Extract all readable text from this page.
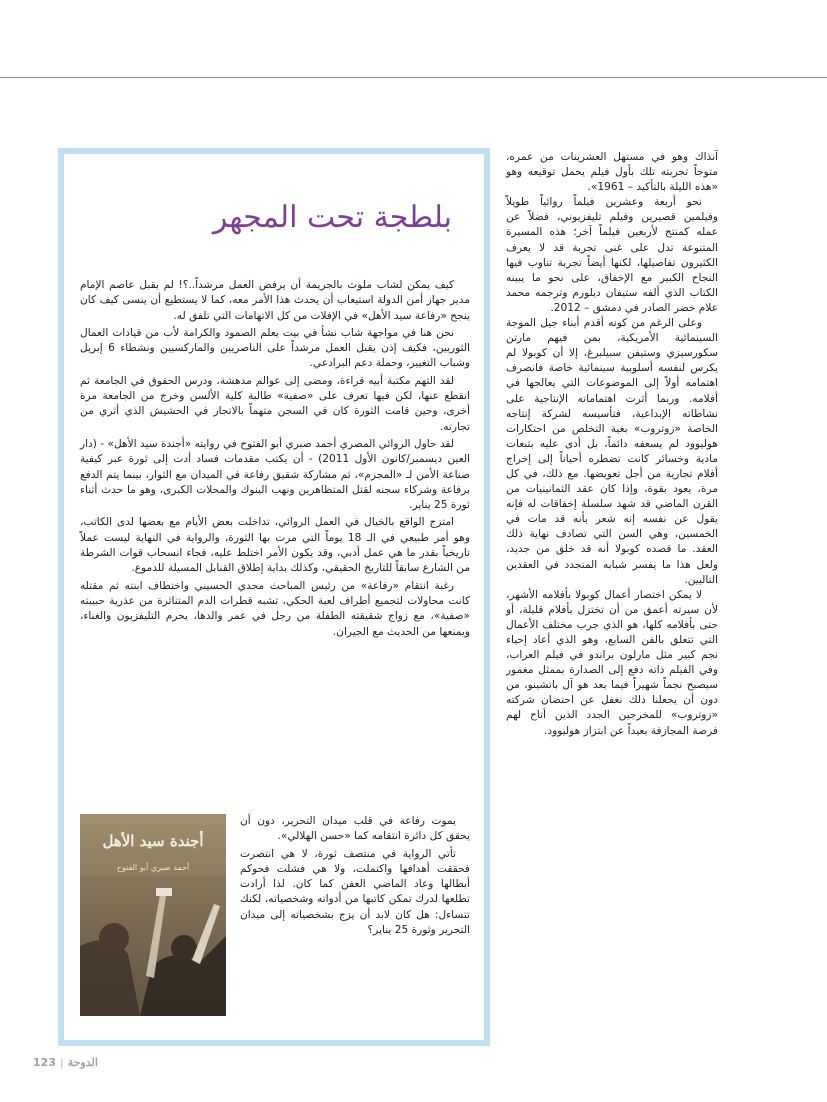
آنذاك وهو في مستهل العشرينات من عمره، متوجاً تجربته تلك بأول فيلم يحمل توقيعه وهو «هذه الليلة بالتأكيد – 1961».

نحو أربعة وعشرين فيلماً روائياً طويلاً وفيلمين قصيرين وفيلم تليفزيوني، فضلاً عن عمله كمنتج لأربعين فيلماً آخر؛ هذه المسيرة المتنوعة تدل على غنى تجربة قد لا يعرف الكثيرون تفاصيلها، لكنها أيضاً تجربة تناوب فيها النجاح الكبير مع الإخفاق، على نحو ما يبينه الكتاب الذي ألفه ستيفان ديلورم وترجمه محمد علام خضر الصادر في دمشق – 2012.

وعلى الرغم من كونه أقدم أبناء جيل الموجة السينمائية الأمريكية، بمن فيهم مارتن سكورسيزي وستيفن سبيلبرغ، إلا أن كوبولا لم يكرس لنفسه أسلوبية سينمائية خاصة فانصرف اهتمامه أولاً إلى الموضوعات التي يعالجها في أفلامه. وربما أثرت اهتماماته الإنتاجية على نشاطاته الإبداعية، فتأسيسه لشركة إنتاجه الخاصة «زوتروب» بغية التخلص من احتكارات هوليوود لم يسعفه دائماً، بل أدى عليه بتبعات مادية وخسائر كانت تضطره أحياناً إلى إخراج أفلام تجارية من أجل تعويضها. مع ذلك، في كل مرة، يعود بقوة، وإذا كان عقد الثمانينيات من القرن الماضي قد شهد سلسلة إخفاقات له فإنه يقول عن نفسه إنه شعر بأنه قد مات في الخمسين، وهي السن التي تصادف نهاية ذلك العقد. ما قصده كوبولا أنه قد خلق من جديد، ولعل هذا ما يفسر شبابه المتجدد في العقدين التاليين.

لا يمكن اختصار أعمال كوبولا بأفلامه الأشهر، لأن سيرته أعمق من أن تختزل بأفلام قليلة، أو حتى بأفلامه كلها، هو الذي جرب مختلف الأعمال التي تتعلق بالفن السابع، وهو الذي أعاد إحياء نجم كبير مثل مارلون براندو في فيلم العراب، وفي الفيلم ذاته دفع إلى الصدارة بممثل مغمور سيصبح نجماً شهيراً فيما بعد هو آل باتشينو، من دون أن يجعلنا ذلك نغفل عن احتضان شركته «زوتروب» للمخرجين الجدد الذين أتاح لهم فرصة المجازفة بعيداً عن ابتزاز هوليوود.

بلطجة تحت المجهر

كيف يمكن لشاب ملوث بالجريمة أن يرفض العمل مرشداً..؟! لم يقبل عاصم الإمام مدير جهاز أمن الدولة استيعاب أن يحدث هذا الأمر معه، كما لا يستطيع أن ينسى كيف كان ينجح «رفاعة سيد الأهل» في الإفلات من كل الاتهامات التي تلفق له.

نحن هنا في مواجهة شاب نشأ في بيت يعلم الصمود والكرامة لأب من قيادات العمال الثوريين، فكيف إذن يقبل العمل مرشداً على الناصريين والماركسيين ونشطاء 6 إبريل وشباب التغيير، وحملة دعم البرادعي.

لقد التهم مكتبة أبيه قراءة، ومضى إلى عوالم مدهشة، ودرس الحقوق في الجامعة ثم انقطع عنها، لكن فيها تعرف على «صفية» طالبة كلية الألسن وخرج من الجامعة مرة أخرى، وحين قامت الثورة كان في السجن متهماً بالاتجار في الحشيش الذي أثري من تجارته.

لقد حاول الروائي المصري أحمد صبري أبو الفتوح في روايته «أجندة سيد الأهل» - (دار العين ديسمبر/كانون الأول 2011) - أن يكتب مقدمات فساد أدت إلى ثورة عبر كيفية صناعة الأمن لـ «المجرم»، ثم مشاركة شقيق رفاعة في الميدان مع الثوار، بينما يتم الدفع برفاعة وشركاء سجنه لقتل المتظاهرين ونهب البنوك والمحلات الكبرى، وهو ما حدث أثناء ثورة 25 يناير.

امتزج الواقع بالخيال في العمل الروائي، تداخلت بعض الأيام مع بعضها لدى الكاتب، وهو أمر طبيعي في الـ 18 يوماً التي مرت بها الثورة، والرواية في النهاية ليست عملاً تاريخياً بقدر ما هي عمل أدبي، وقد يكون الأمر اختلط عليه، فجاء انسحاب قوات الشرطة من الشارع سابقاً للتاريخ الحقيقي، وكذلك بداية إطلاق القنابل المسيلة للدموع.

رغبة انتقام «رفاعة» من رئيس المباحث مجدي الحسيني واختطاف ابنته ثم مقتله كانت محاولات لتجميع أطراف لعبة الحكي، تشبه قطرات الدم المتناثرة من عذرية حبيبته «صفية»، مع زواج شقيقته الطفلة من رجل في عمر والدها، يحرم التليفزيون والغناء، ويمنعها من الحديث مع الجيران.

أجندة سيد الأهل
أحمد صبري أبو الفتوح

يموت رفاعة في قلب ميدان التحرير، دون أن يحقق كل دائرة انتقامه كما «حسن الهلالي».

تأتي الرواية في منتصف ثورة، لا هي انتصرت فحققت أهدافها واكتملت، ولا هي فشلت فحوكم أبطالها وعاد الماضي العفن كما كان. لذا أرادت تطلعها لدرك تمكن كاتبها من أدواته وشخصياته، لكنك تتساءل: هل كان لابد أن يزج بشخصياته إلى ميدان التحرير وثورة 25 يناير؟

123 | الدوحة
